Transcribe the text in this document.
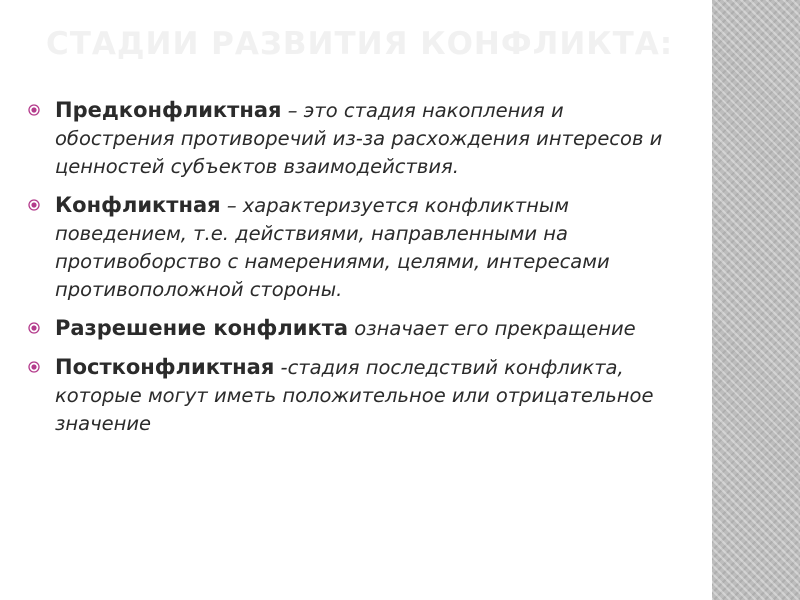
СТАДИИ РАЗВИТИЯ КОНФЛИКТА:
Предконфликтная – это стадия накопления и обострения противоречий из-за расхождения интересов и ценностей субъектов взаимодействия.
Конфликтная – характеризуется конфликтным поведением, т.е. действиями, направленными на противоборство с намерениями, целями, интересами противоположной стороны.
Разрешение конфликта означает его прекращение
Постконфликтная -стадия последствий конфликта, которые могут иметь положительное или отрицательное значение
